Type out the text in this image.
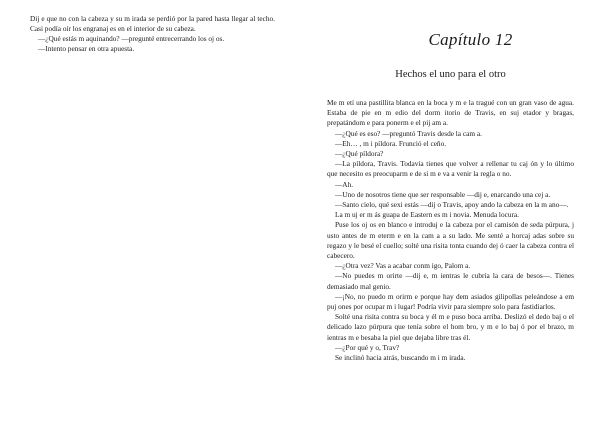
Dij e que no con la cabeza y su m irada se perdió por la pared hasta llegar al techo. Casi podía oír los engranaj es en el interior de su cabeza.

—¿Qué estás m aquinando? —pregunté entrecerrando los oj os.

—Intento pensar en otra apuesta.	Capítulo 12
Hechos el uno para el otro

Me m etí una pastillita blanca en la boca y m e la tragué con un gran vaso de agua. Estaba de pie en m edio del dorm itorio de Travis, en suj etador y bragas, prepatándom e para ponerm e el pij am a.

—¿Qué es eso? —preguntó Travis desde la cam a.

—Eh… , m i píldora. Frunció el ceño.

—¿Qué píldora?

—La píldora, Travis. Todavía tienes que volver a rellenar tu caj ón y lo último que necesito es preocuparm e de si m e va a venir la regla o no.

—Ah.

—Uno de nosotros tiene que ser responsable —dij e, enarcando una cej a.

—Santo cielo, qué sexi estás —dij o Travis, apoy ando la cabeza en la m ano—.

La m uj er m ás guapa de Eastern es m i novia. Menuda locura.

Puse los oj os en blanco e introduj e la cabeza por el camisón de seda púrpura, j usto antes de m eterm e en la cam a a su lado. Me senté a horcaj adas sobre su regazo y le besé el cuello; solté una risita tonta cuando dej ó caer la cabeza contra el cabecero.

—¿Otra vez? Vas a acabar conm igo, Palom a.

—No puedes m orirte —dij e, m ientras le cubría la cara de besos—. Tienes demasiado mal genio.

—¡No, no puedo m orirm e porque hay dem asiados gilipollas peleándose a em puj ones por ocupar m i lugar! Podría vivir para siempre solo para fastidiarlos.

Solté una risita contra su boca y él m e puso boca arriba. Deslizó el dedo baj o el delicado lazo púrpura que tenía sobre el hom bro, y m e lo baj ó por el brazo, m ientras m e besaba la piel que dejaba libre tras él.

—¿Por qué y o, Trav?

Se inclinó hacia atrás, buscando m i m irada.
